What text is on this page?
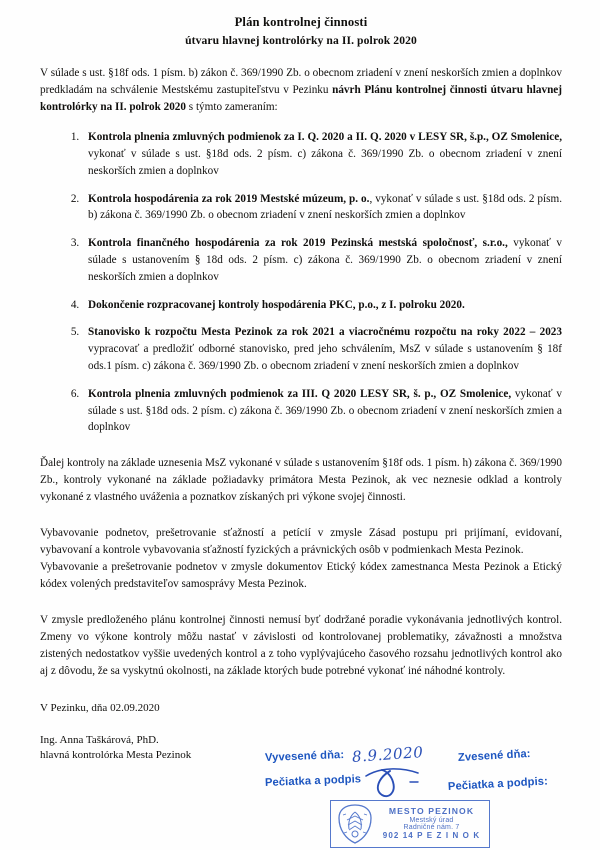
Plán kontrolnej činnosti
útvaru hlavnej kontrolórky na II. polrok 2020

V súlade s ust. §18f ods. 1 písm. b) zákon č. 369/1990 Zb. o obecnom zriadení v znení neskorších zmien a doplnkov predkladám na schválenie Mestskému zastupiteľstvu v Pezinku návrh Plánu kontrolnej činnosti útvaru hlavnej kontrolórky na II. polrok 2020 s týmto zameraním:

1. Kontrola plnenia zmluvných podmienok za I. Q. 2020 a II. Q. 2020 v LESY SR, š.p., OZ Smolenice, vykonať v súlade s ust. §18d ods. 2 písm. c) zákona č. 369/1990 Zb. o obecnom zriadení v znení neskorších zmien a doplnkov
2. Kontrola hospodárenia za rok 2019 Mestské múzeum, p. o., vykonať v súlade s ust. §18d ods. 2 písm. b) zákona č. 369/1990 Zb. o obecnom zriadení v znení neskorších zmien a doplnkov
3. Kontrola finančného hospodárenia za rok 2019 Pezinská mestská spoločnosť, s.r.o., vykonať v súlade s ustanovením § 18d ods. 2 písm. c) zákona č. 369/1990 Zb. o obecnom zriadení v znení neskorších zmien a doplnkov
4. Dokončenie rozpracovanej kontroly hospodárenia PKC, p.o., z I. polroku 2020.
5. Stanovisko k rozpočtu Mesta Pezinok za rok 2021 a viacročnému rozpočtu na roky 2022 – 2023 vypracovať a predložiť odborné stanovisko, pred jeho schválením, MsZ v súlade s ustanovením § 18f ods.1 písm. c) zákona č. 369/1990 Zb. o obecnom zriadení v znení neskorších zmien a doplnkov
6. Kontrola plnenia zmluvných podmienok za III. Q 2020 LESY SR, š. p., OZ Smolenice, vykonať v súlade s ust. §18d ods. 2 písm. c) zákona č. 369/1990 Zb. o obecnom zriadení v znení neskorších zmien a doplnkov

Ďalej kontroly na základe uznesenia MsZ vykonané v súlade s ustanovením §18f ods. 1 písm. h) zákona č. 369/1990 Zb., kontroly vykonané na základe požiadavky primátora Mesta Pezinok, ak vec neznesie odklad a kontroly vykonané z vlastného uváženia a poznatkov získaných pri výkone svojej činnosti.

Vybavovanie podnetov, prešetrovanie sťažností a petícií v zmysle Zásad postupu pri prijímaní, evidovaní, vybavovaní a kontrole vybavovania sťažností fyzických a právnických osôb v podmienkach Mesta Pezinok.

Vybavovanie a prešetrovanie podnetov v zmysle dokumentov Etický kódex zamestnanca Mesta Pezinok a Etický kódex volených predstaviteľov samosprávy Mesta Pezinok.

V zmysle predloženého plánu kontrolnej činnosti nemusí byť dodržané poradie vykonávania jednotlivých kontrol. Zmeny vo výkone kontroly môžu nastať v závislosti od kontrolovanej problematiky, závažnosti a množstva zistených nedostatkov vyššie uvedených kontrol a z toho vyplývajúceho časového rozsahu jednotlivých kontrol ako aj z dôvodu, že sa vyskytnú okolnosti, na základe ktorých bude potrebné vykonať iné náhodné kontroly.

V Pezinku, dňa 02.09.2020
Ing. Anna Taškárová, PhD.
hlavná kontrolórka Mesta Pezinok	Vyvesené dňa: 8.9.2020
Pečiatka a podpis
Zvesené dňa:
Pečiatka a podpis:
MESTO PEZINOK
Mestský úrad
Radničné nám. 7
902 14 P E Z I N O K
